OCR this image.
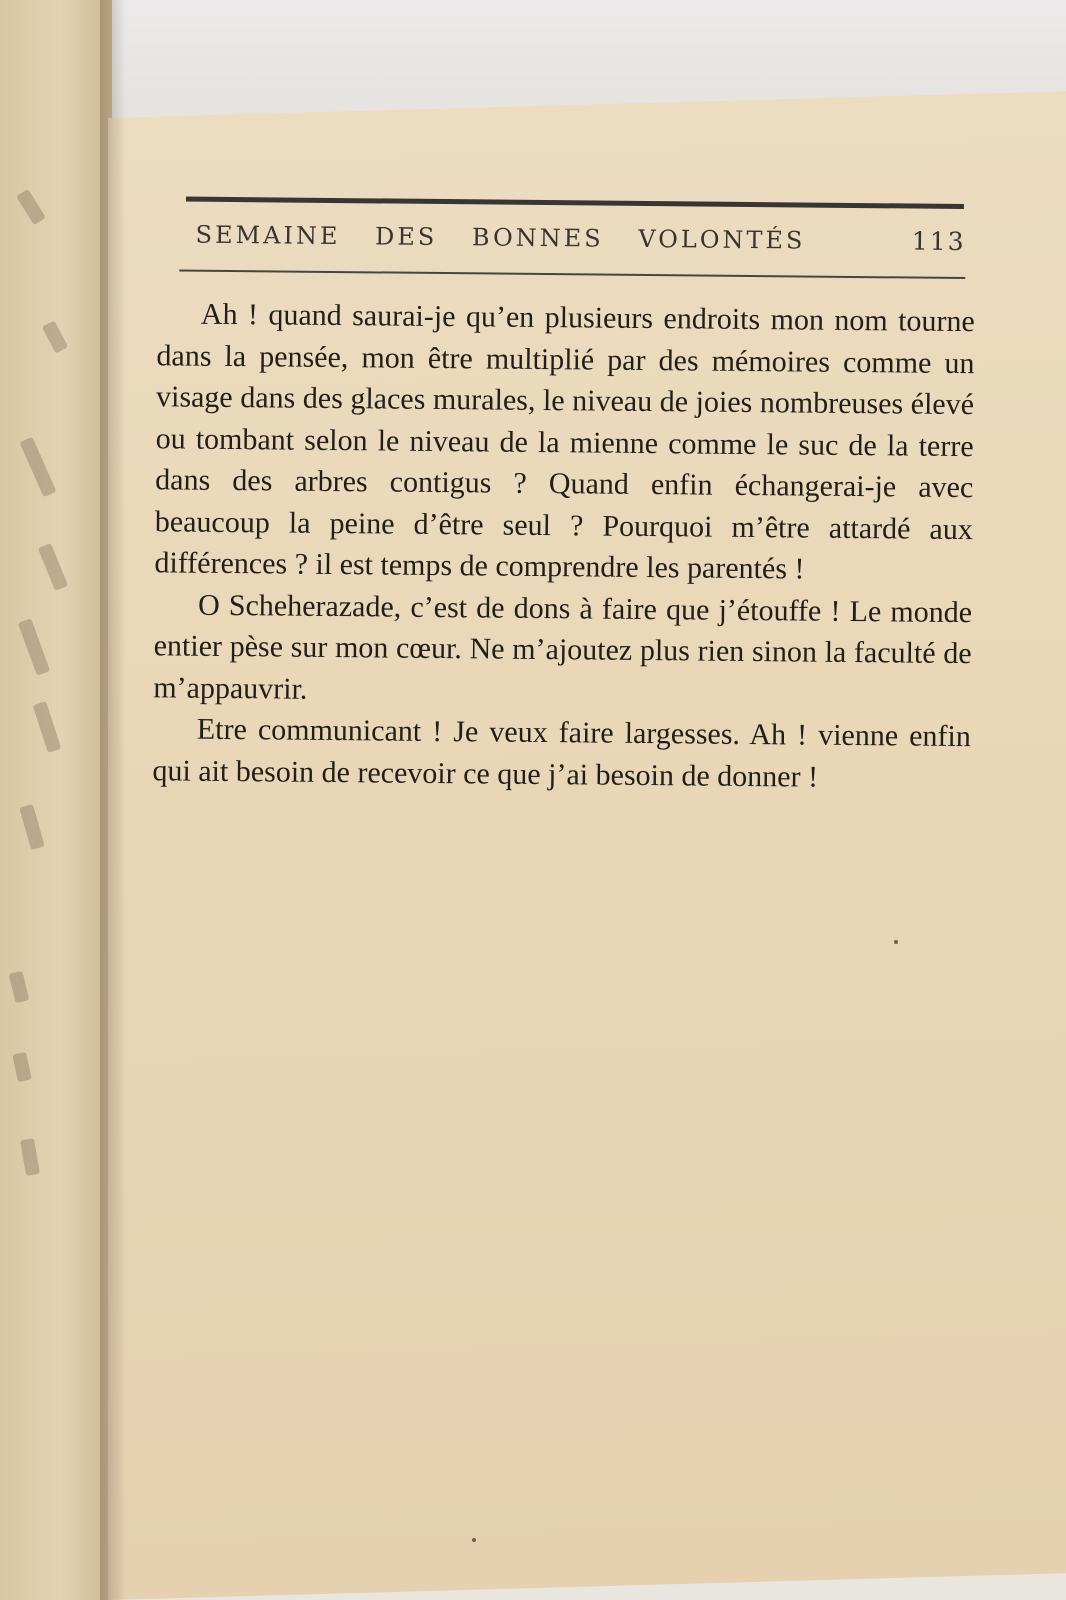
SEMAINE DES BONNES VOLONTÉS	113

Ah ! quand saurai-je qu’en plusieurs endroits mon nom tourne dans la pensée, mon être multiplié par des mémoires comme un visage dans des glaces murales, le niveau de joies nombreuses élevé ou tombant selon le niveau de la mienne comme le suc de la terre dans des arbres contigus ? Quand enfin échangerai-je avec beaucoup la peine d’être seul ? Pourquoi m’être attardé aux différences ? il est temps de comprendre les parentés !

O Scheherazade, c’est de dons à faire que j’étouffe ! Le monde entier pèse sur mon cœur. Ne m’ajoutez plus rien sinon la faculté de m’appauvrir.

Etre communicant ! Je veux faire largesses. Ah ! vienne enfin qui ait besoin de recevoir ce que j’ai besoin de donner !
